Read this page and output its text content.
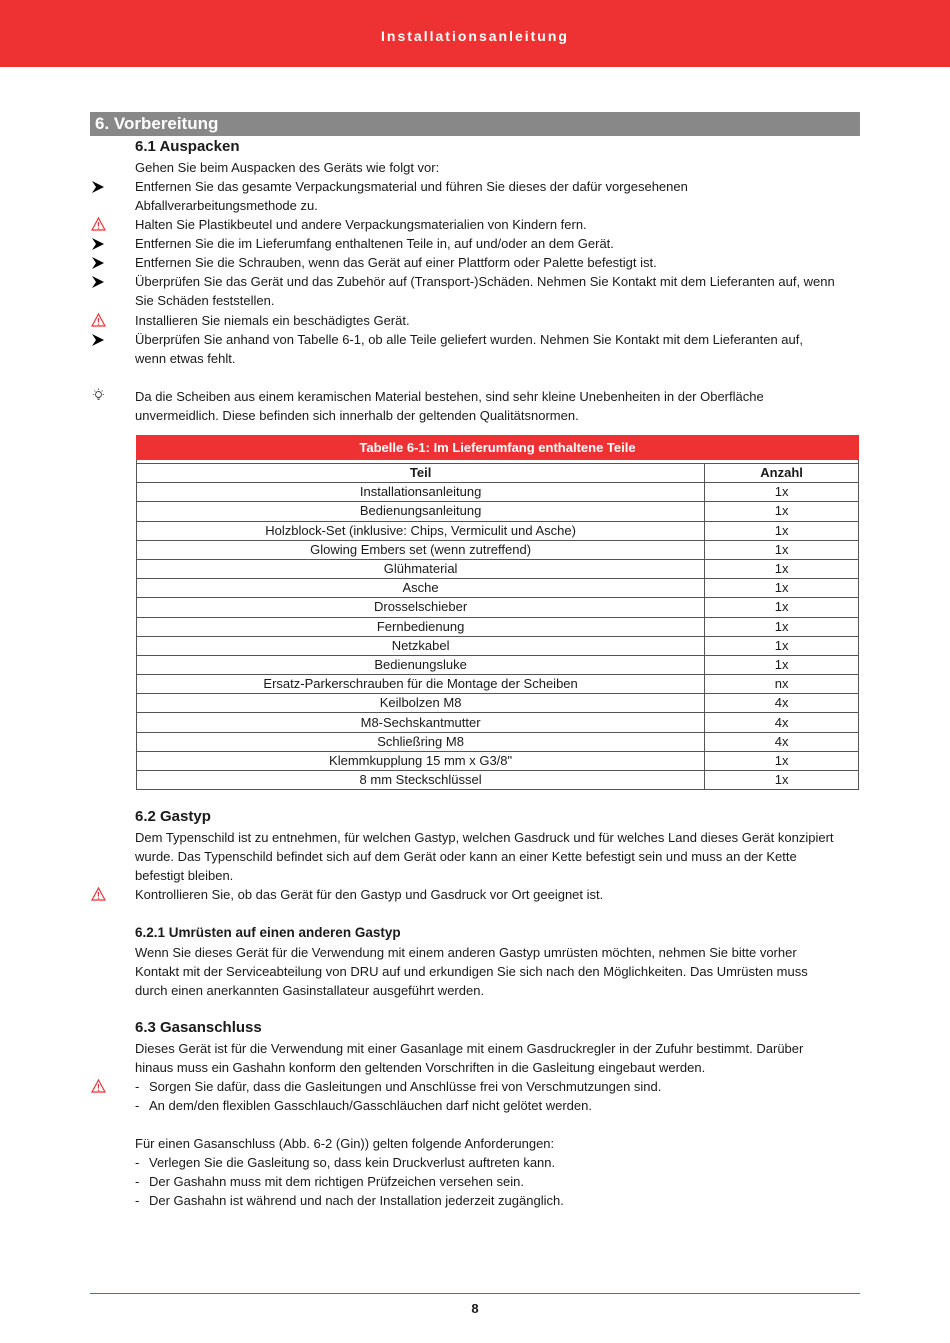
Installationsanleitung
6. Vorbereitung
6.1 Auspacken
Gehen Sie beim Auspacken des Geräts wie folgt vor:
Entfernen Sie das gesamte Verpackungsmaterial und führen Sie dieses der dafür vorgesehenen
Abfallverarbeitungsmethode zu.
Halten Sie Plastikbeutel und andere Verpackungsmaterialien von Kindern fern.
Entfernen Sie die im Lieferumfang enthaltenen Teile in, auf und/oder an dem Gerät.
Entfernen Sie die Schrauben, wenn das Gerät auf einer Plattform oder Palette befestigt ist.
Überprüfen Sie das Gerät und das Zubehör auf (Transport-)Schäden. Nehmen Sie Kontakt mit dem Lieferanten auf, wenn
Sie Schäden feststellen.
Installieren Sie niemals ein beschädigtes Gerät.
Überprüfen Sie anhand von Tabelle 6-1, ob alle Teile geliefert wurden. Nehmen Sie Kontakt mit dem Lieferanten auf,
wenn etwas fehlt.
Da die Scheiben aus einem keramischen Material bestehen, sind sehr kleine Unebenheiten in der Oberfläche
unvermeidlich. Diese befinden sich innerhalb der geltenden Qualitätsnormen.
Tabelle 6-1: Im Lieferumfang enthaltene Teile	

Teil	Anzahl
Installationsanleitung	1x
Bedienungsanleitung	1x
Holzblock-Set (inklusive: Chips, Vermiculit und Asche)	1x
Glowing Embers set (wenn zutreffend)	1x
Glühmaterial	1x
Asche	1x
Drosselschieber	1x
Fernbedienung	1x
Netzkabel	1x
Bedienungsluke	1x
Ersatz-Parkerschrauben für die Montage der Scheiben	nx
Keilbolzen M8	4x
M8-Sechskantmutter	4x
Schließring M8	4x
Klemmkupplung 15 mm x G3/8"	1x
8 mm Steckschlüssel	1x
6.2 Gastyp
Dem Typenschild ist zu entnehmen, für welchen Gastyp, welchen Gasdruck und für welches Land dieses Gerät konzipiert
wurde. Das Typenschild befindet sich auf dem Gerät oder kann an einer Kette befestigt sein und muss an der Kette
befestigt bleiben.
Kontrollieren Sie, ob das Gerät für den Gastyp und Gasdruck vor Ort geeignet ist.
6.2.1 Umrüsten auf einen anderen Gastyp
Wenn Sie dieses Gerät für die Verwendung mit einem anderen Gastyp umrüsten möchten, nehmen Sie bitte vorher
Kontakt mit der Serviceabteilung von DRU auf und erkundigen Sie sich nach den Möglichkeiten. Das Umrüsten muss
durch einen anerkannten Gasinstallateur ausgeführt werden.
6.3 Gasanschluss
Dieses Gerät ist für die Verwendung mit einer Gasanlage mit einem Gasdruckregler in der Zufuhr bestimmt. Darüber
hinaus muss ein Gashahn konform den geltenden Vorschriften in die Gasleitung eingebaut werden.
- Sorgen Sie dafür, dass die Gasleitungen und Anschlüsse frei von Verschmutzungen sind.
- An dem/den flexiblen Gasschlauch/Gasschläuchen darf nicht gelötet werden.
Für einen Gasanschluss (Abb. 6-2 (Gin)) gelten folgende Anforderungen:
- Verlegen Sie die Gasleitung so, dass kein Druckverlust auftreten kann.
- Der Gashahn muss mit dem richtigen Prüfzeichen versehen sein.
- Der Gashahn ist während und nach der Installation jederzeit zugänglich.
8
